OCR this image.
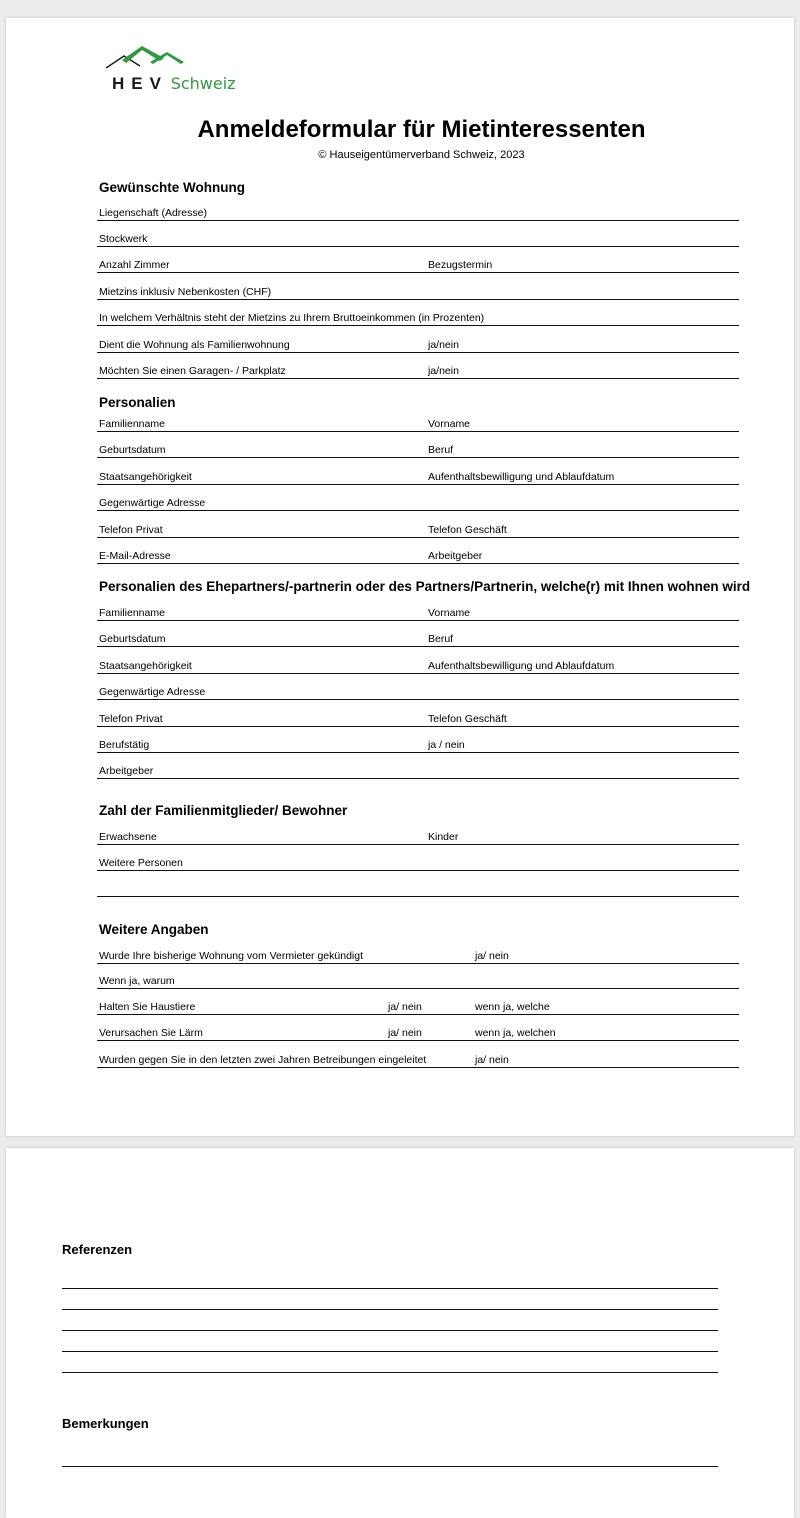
HEV Schweiz
Anmeldeformular für Mietinteressenten
© Hauseigentümerverband Schweiz, 2023
Gewünschte Wohnung
Liegenschaft (Adresse)
Stockwerk
Anzahl Zimmer	Bezugstermin
Mietzins inklusiv Nebenkosten (CHF)
In welchem Verhältnis steht der Mietzins zu Ihrem Bruttoeinkommen (in Prozenten)
Dient die Wohnung als Familienwohnung	ja/nein
Möchten Sie einen Garagen- / Parkplatz	ja/nein
Personalien
Familienname	Vorname
Geburtsdatum	Beruf
Staatsangehörigkeit	Aufenthaltsbewilligung und Ablaufdatum
Gegenwärtige Adresse
Telefon Privat	Telefon Geschäft
E-Mail-Adresse	Arbeitgeber
Personalien des Ehepartners/-partnerin oder des Partners/Partnerin, welche(r) mit Ihnen wohnen wird
Familienname	Vorname
Geburtsdatum	Beruf
Staatsangehörigkeit	Aufenthaltsbewilligung und Ablaufdatum
Gegenwärtige Adresse
Telefon Privat	Telefon Geschäft
Berufstätig	ja / nein
Arbeitgeber
Zahl der Familienmitglieder/ Bewohner
Erwachsene	Kinder
Weitere Personen
Weitere Angaben
Wurde Ihre bisherige Wohnung vom Vermieter gekündigt	ja/ nein
Wenn ja, warum
Halten Sie Haustiere	ja/ nein	wenn ja, welche
Verursachen Sie Lärm	ja/ nein	wenn ja, welchen
Wurden gegen Sie in den letzten zwei Jahren Betreibungen eingeleitet	ja/ nein
Referenzen
Bemerkungen
